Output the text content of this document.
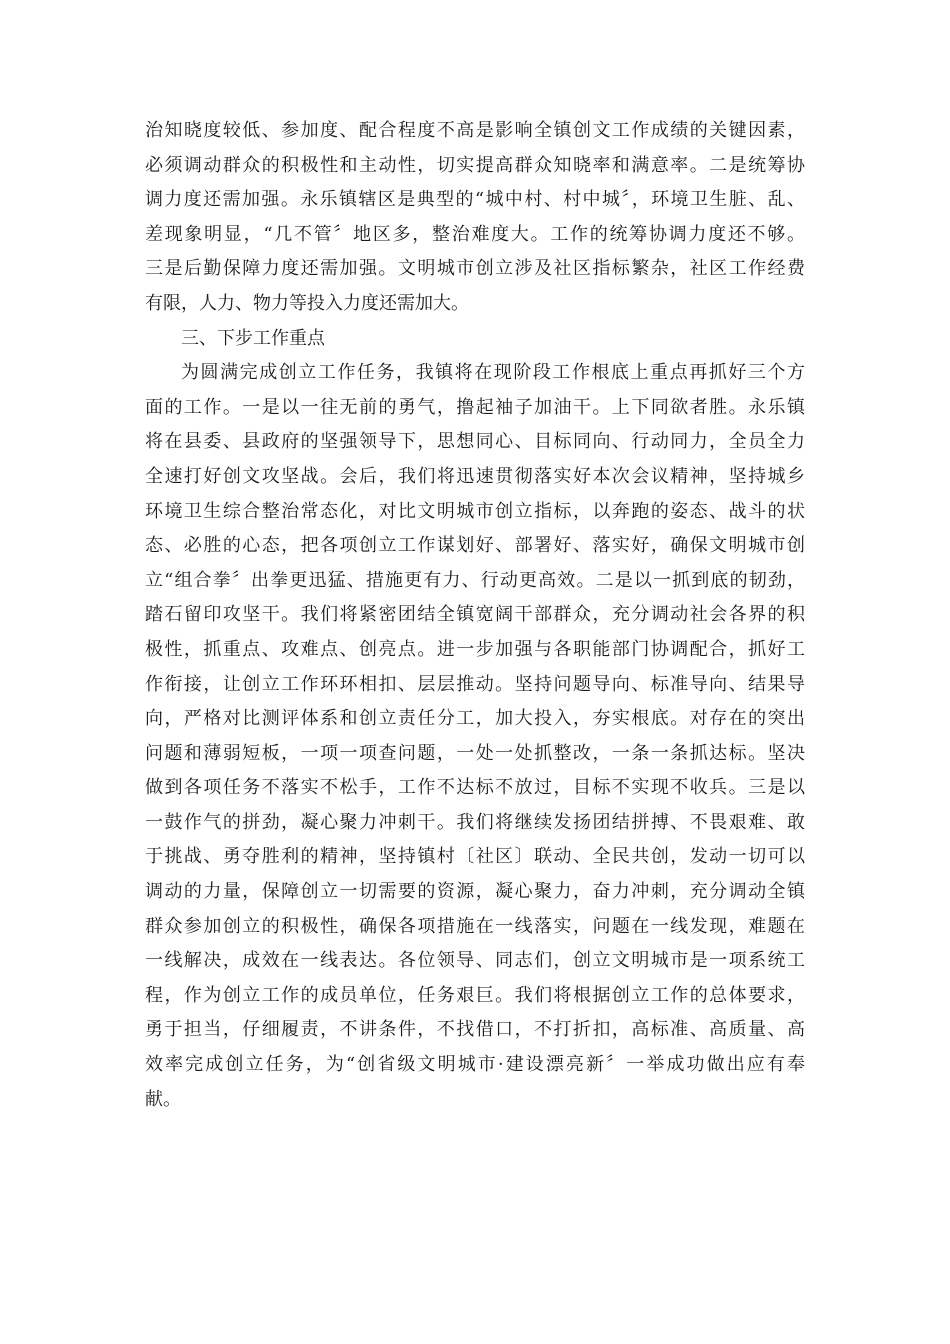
治知晓度较低、参加度、配合程度不高是影响全镇创文工作成绩的关键因素，
必须调动群众的积极性和主动性，切实提高群众知晓率和满意率。二是统筹协
调力度还需加强。永乐镇辖区是典型的“城中村、村中城〞，环境卫生脏、乱、
差现象明显，“几不管〞地区多，整治难度大。工作的统筹协调力度还不够。
三是后勤保障力度还需加强。文明城市创立涉及社区指标繁杂，社区工作经费
有限，人力、物力等投入力度还需加大。
三、下步工作重点
为圆满完成创立工作任务，我镇将在现阶段工作根底上重点再抓好三个方
面的工作。一是以一往无前的勇气，撸起袖子加油干。上下同欲者胜。永乐镇
将在县委、县政府的坚强领导下，思想同心、目标同向、行动同力，全员全力
全速打好创文攻坚战。会后，我们将迅速贯彻落实好本次会议精神，坚持城乡
环境卫生综合整治常态化，对比文明城市创立指标，以奔跑的姿态、战斗的状
态、必胜的心态，把各项创立工作谋划好、部署好、落实好，确保文明城市创
立“组合拳〞出拳更迅猛、措施更有力、行动更高效。二是以一抓到底的韧劲，
踏石留印攻坚干。我们将紧密团结全镇宽阔干部群众，充分调动社会各界的积
极性，抓重点、攻难点、创亮点。进一步加强与各职能部门协调配合，抓好工
作衔接，让创立工作环环相扣、层层推动。坚持问题导向、标准导向、结果导
向，严格对比测评体系和创立责任分工，加大投入，夯实根底。对存在的突出
问题和薄弱短板，一项一项查问题，一处一处抓整改，一条一条抓达标。坚决
做到各项任务不落实不松手，工作不达标不放过，目标不实现不收兵。三是以
一鼓作气的拼劲，凝心聚力冲刺干。我们将继续发扬团结拼搏、不畏艰难、敢
于挑战、勇夺胜利的精神，坚持镇村〔社区〕联动、全民共创，发动一切可以
调动的力量，保障创立一切需要的资源，凝心聚力，奋力冲刺，充分调动全镇
群众参加创立的积极性，确保各项措施在一线落实，问题在一线发现，难题在
一线解决，成效在一线表达。各位领导、同志们，创立文明城市是一项系统工
程，作为创立工作的成员单位，任务艰巨。我们将根据创立工作的总体要求，
勇于担当，仔细履责，不讲条件，不找借口，不打折扣，高标准、高质量、高
效率完成创立任务，为“创省级文明城市·建设漂亮新〞一举成功做出应有奉
献。
